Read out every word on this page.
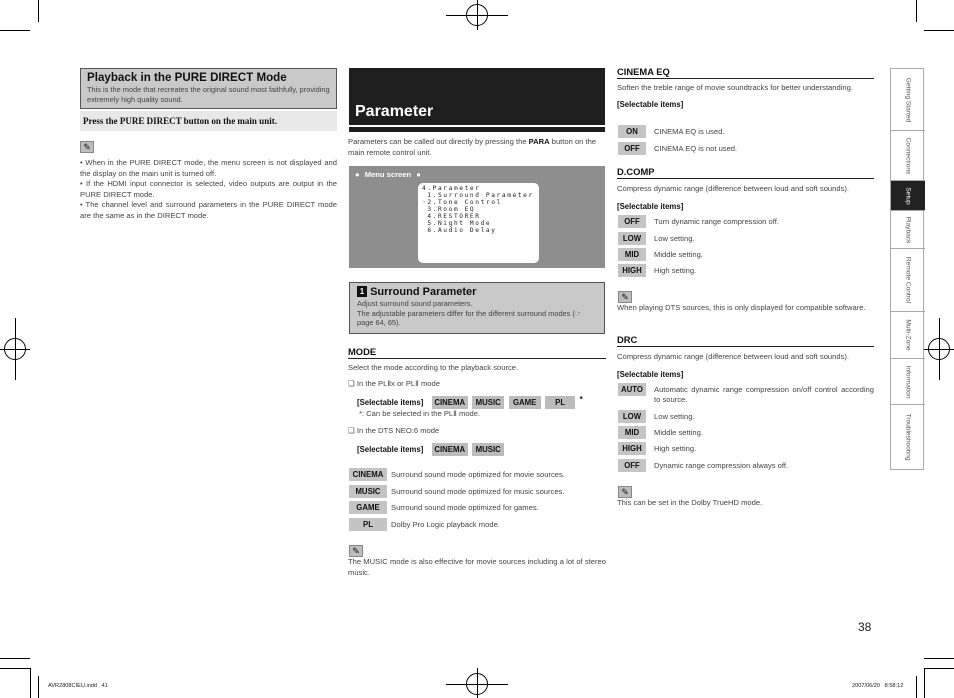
Playback in the PURE DIRECT Mode
This is the mode that recreates the original sound most faithfully, providing extremely high quality sound.
Press the PURE DIRECT button on the main unit.
✎
• When in the PURE DIRECT mode, the menu screen is not displayed and the display on the main unit is turned off.
• If the HDMI input connector is selected, video outputs are output in the PURE DIRECT mode.
• The channel level and surround parameters in the PURE DIRECT mode are the same as in the DIRECT mode.
Parameter
Parameters can be called out directly by pressing the PARA button on the main remote control unit.
● Menu screen ●
4.Parameter
1.Surround Parameter
☞2.Tone Control
3.Room EQ
4.RESTORER
5.Night Mode
6.Audio Delay
1 Surround Parameter
Adjust surround sound parameters.
The adjustable parameters differ for the different surround modes (☞page 64, 65).
MODE
Select the mode according to the playback source.
❑ In the PLⅡx or PLⅡ mode
[Selectable items] CINEMA MUSIC GAME PL *
*: Can be selected in the PLⅡ mode.
❑ In the DTS NEO:6 mode
[Selectable items] CINEMA MUSIC
CINEMA	Surround sound mode optimized for movie sources.
MUSIC	Surround sound mode optimized for music sources.
GAME	Surround sound mode optimized for games.
PL	Dolby Pro Logic playback mode.
✎
The MUSIC mode is also effective for movie sources including a lot of stereo music.
CINEMA EQ
Soften the treble range of movie soundtracks for better understanding.
[Selectable items]
ON	CINEMA EQ is used.
OFF	CINEMA EQ is not used.
D.COMP
Compress dynamic range (difference between loud and soft sounds).
[Selectable items]
OFF	Turn dynamic range compression off.
LOW	Low setting.
MID	Middle setting.
HIGH	High setting.
✎
When playing DTS sources, this is only displayed for compatible software.
DRC
Compress dynamic range (difference between loud and soft sounds).
[Selectable items]
AUTO	Automatic dynamic range compression on/off control according to source.
LOW	Low setting.
MID	Middle setting.
HIGH	High setting.
OFF	Dynamic range compression always off.
✎
This can be set in the Dolby TrueHD mode.
Getting Started
Connections
Setup
Playback
Remote Control
Multi-Zone
Information
Troubleshooting
38
AVR2808CIEU.indd   41	2007/06/20   8:58:12
